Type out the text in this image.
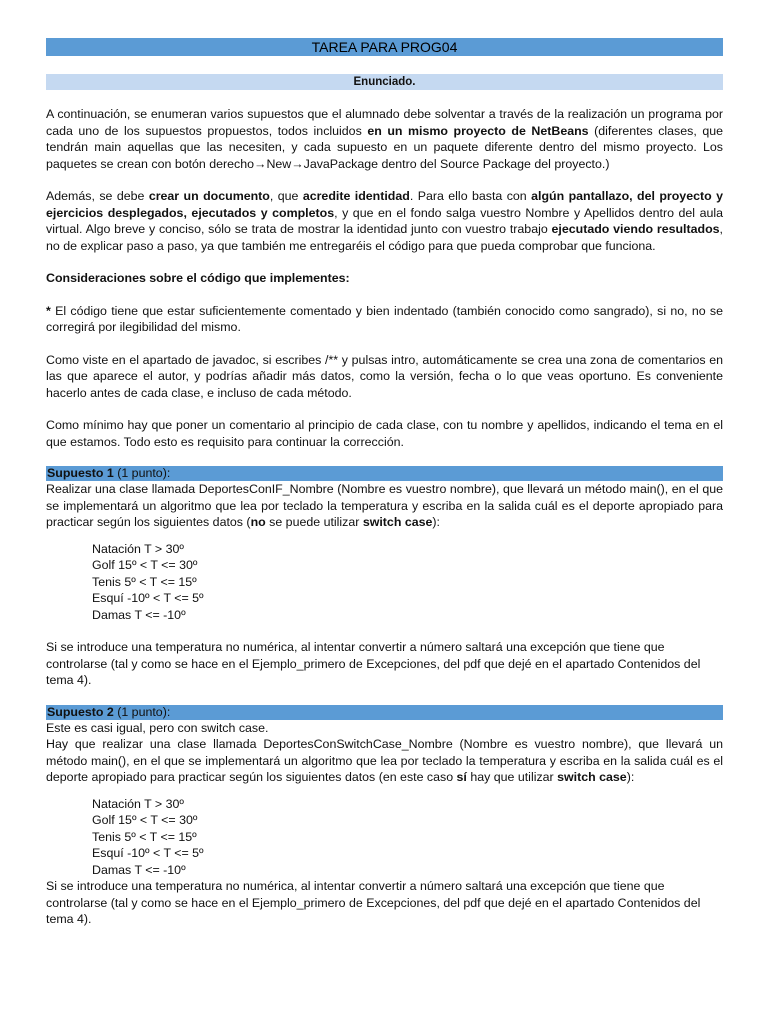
TAREA PARA PROG04
Enunciado.

A continuación, se enumeran varios supuestos que el alumnado debe solventar a través de la realización un programa por cada uno de los supuestos propuestos, todos incluidos en un mismo proyecto de NetBeans (diferentes clases, que tendrán main aquellas que las necesiten, y cada supuesto en un paquete diferente dentro del mismo proyecto. Los paquetes se crean con botón derecho→New→JavaPackage dentro del Source Package del proyecto.)

Además, se debe crear un documento, que acredite identidad. Para ello basta con algún pantallazo, del proyecto y ejercicios desplegados, ejecutados y completos, y que en el fondo salga vuestro Nombre y Apellidos dentro del aula virtual. Algo breve y conciso, sólo se trata de mostrar la identidad junto con vuestro trabajo ejecutado viendo resultados, no de explicar paso a paso, ya que también me entregaréis el código para que pueda comprobar que funciona.

Consideraciones sobre el código que implementes:

* El código tiene que estar suficientemente comentado y bien indentado (también conocido como sangrado), si no, no se corregirá por ilegibilidad del mismo.

Como viste en el apartado de javadoc, si escribes /** y pulsas intro, automáticamente se crea una zona de comentarios en las que aparece el autor, y podrías añadir más datos, como la versión, fecha o lo que veas oportuno. Es conveniente hacerlo antes de cada clase, e incluso de cada método.

Como mínimo hay que poner un comentario al principio de cada clase, con tu nombre y apellidos, indicando el tema en el que estamos. Todo esto es requisito para continuar la corrección.

Supuesto 1 (1 punto):

Realizar una clase llamada DeportesConIF_Nombre (Nombre es vuestro nombre), que llevará un método main(), en el que se implementará un algoritmo que lea por teclado la temperatura y escriba en la salida cuál es el deporte apropiado para practicar según los siguientes datos (no se puede utilizar switch case):

Natación T > 30º
Golf 15º < T <= 30º
Tenis 5º < T <= 15º
Esquí -10º < T <= 5º
Damas T <= -10º

Si se introduce una temperatura no numérica, al intentar convertir a número saltará una excepción que tiene que controlarse (tal y como se hace en el Ejemplo_primero de Excepciones, del pdf que dejé en el apartado Contenidos del tema 4).

Supuesto 2 (1 punto):
Este es casi igual, pero con switch case.

Hay que realizar una clase llamada DeportesConSwitchCase_Nombre (Nombre es vuestro nombre), que llevará un método main(), en el que se implementará un algoritmo que lea por teclado la temperatura y escriba en la salida cuál es el deporte apropiado para practicar según los siguientes datos (en este caso sí hay que utilizar switch case):

Natación T > 30º
Golf 15º < T <= 30º
Tenis 5º < T <= 15º
Esquí -10º < T <= 5º
Damas T <= -10º

Si se introduce una temperatura no numérica, al intentar convertir a número saltará una excepción que tiene que controlarse (tal y como se hace en el Ejemplo_primero de Excepciones, del pdf que dejé en el apartado Contenidos del tema 4).
